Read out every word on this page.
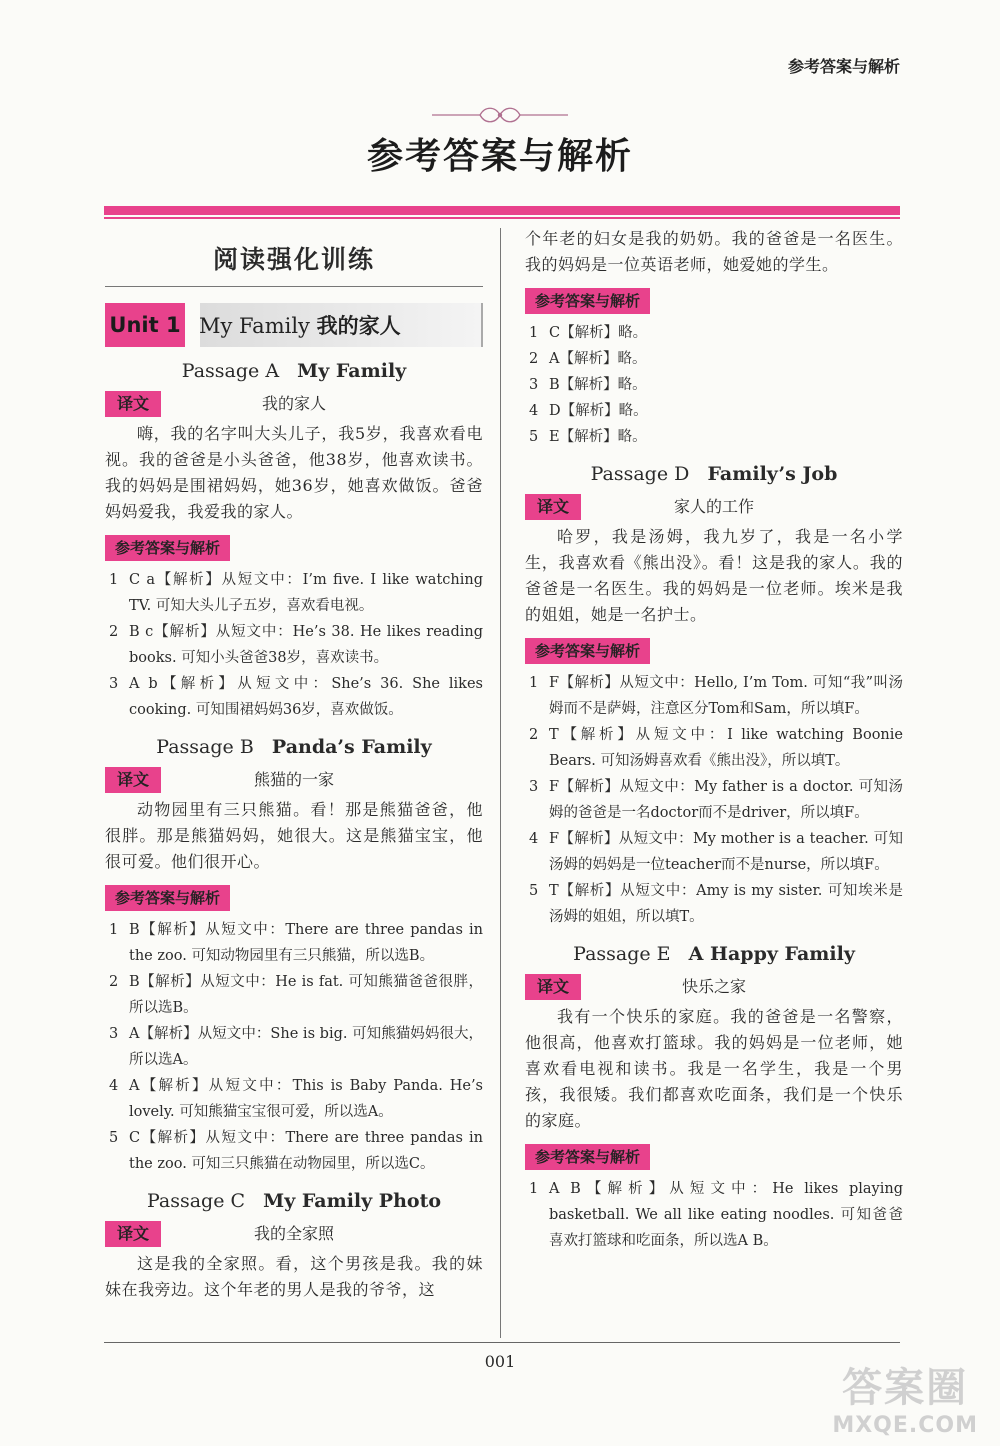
参考答案与解析
参考答案与解析
阅读强化训练
Unit 1 My Family 我的家人
Passage A My Family
译文	我的家人
嗨，我的名字叫大头儿子，我5岁，我喜欢看电视。我的爸爸是小头爸爸，他38岁，他喜欢读书。我的妈妈是围裙妈妈，她36岁，她喜欢做饭。爸爸妈妈爱我，我爱我的家人。
参考答案与解析
1 C a【解析】从短文中：I’m five. I like watching TV. 可知大头儿子五岁，喜欢看电视。
2 B c【解析】从短文中：He’s 38. He likes reading books. 可知小头爸爸38岁，喜欢读书。
3 A b【解析】从短文中：She’s 36. She likes cooking. 可知围裙妈妈36岁，喜欢做饭。
Passage B Panda’s Family
译文	熊猫的一家
动物园里有三只熊猫。看！那是熊猫爸爸，他很胖。那是熊猫妈妈，她很大。这是熊猫宝宝，他很可爱。他们很开心。
参考答案与解析
1 B【解析】从短文中：There are three pandas in the zoo. 可知动物园里有三只熊猫，所以选B。
2 B【解析】从短文中：He is fat. 可知熊猫爸爸很胖，所以选B。
3 A【解析】从短文中：She is big. 可知熊猫妈妈很大，所以选A。
4 A【解析】从短文中：This is Baby Panda. He’s lovely. 可知熊猫宝宝很可爱，所以选A。
5 C【解析】从短文中：There are three pandas in the zoo. 可知三只熊猫在动物园里，所以选C。
Passage C My Family Photo
译文	我的全家照
这是我的全家照。看，这个男孩是我。我的妹妹在我旁边。这个年老的男人是我的爷爷，这
个年老的妇女是我的奶奶。我的爸爸是一名医生。我的妈妈是一位英语老师，她爱她的学生。
参考答案与解析
1 C【解析】略。
2 A【解析】略。
3 B【解析】略。
4 D【解析】略。
5 E【解析】略。
Passage D Family’s Job
译文	家人的工作
哈罗，我是汤姆，我九岁了，我是一名小学生，我喜欢看《熊出没》。看！这是我的家人。我的爸爸是一名医生。我的妈妈是一位老师。埃米是我的姐姐，她是一名护士。
参考答案与解析
1 F【解析】从短文中：Hello, I’m Tom. 可知“我”叫汤姆而不是萨姆，注意区分Tom和Sam，所以填F。
2 T【解析】从短文中：I like watching Boonie Bears. 可知汤姆喜欢看《熊出没》，所以填T。
3 F【解析】从短文中：My father is a doctor. 可知汤姆的爸爸是一名doctor而不是driver，所以填F。
4 F【解析】从短文中：My mother is a teacher. 可知汤姆的妈妈是一位teacher而不是nurse，所以填F。
5 T【解析】从短文中：Amy is my sister. 可知埃米是汤姆的姐姐，所以填T。
Passage E A Happy Family
译文	快乐之家
我有一个快乐的家庭。我的爸爸是一名警察，他很高，他喜欢打篮球。我的妈妈是一位老师，她喜欢看电视和读书。我是一名学生，我是一个男孩，我很矮。我们都喜欢吃面条，我们是一个快乐的家庭。
参考答案与解析
1 A B【解析】从短文中：He likes playing basketball. We all like eating noodles. 可知爸爸喜欢打篮球和吃面条，所以选A B。
001
答案圈
MXQE.COM
